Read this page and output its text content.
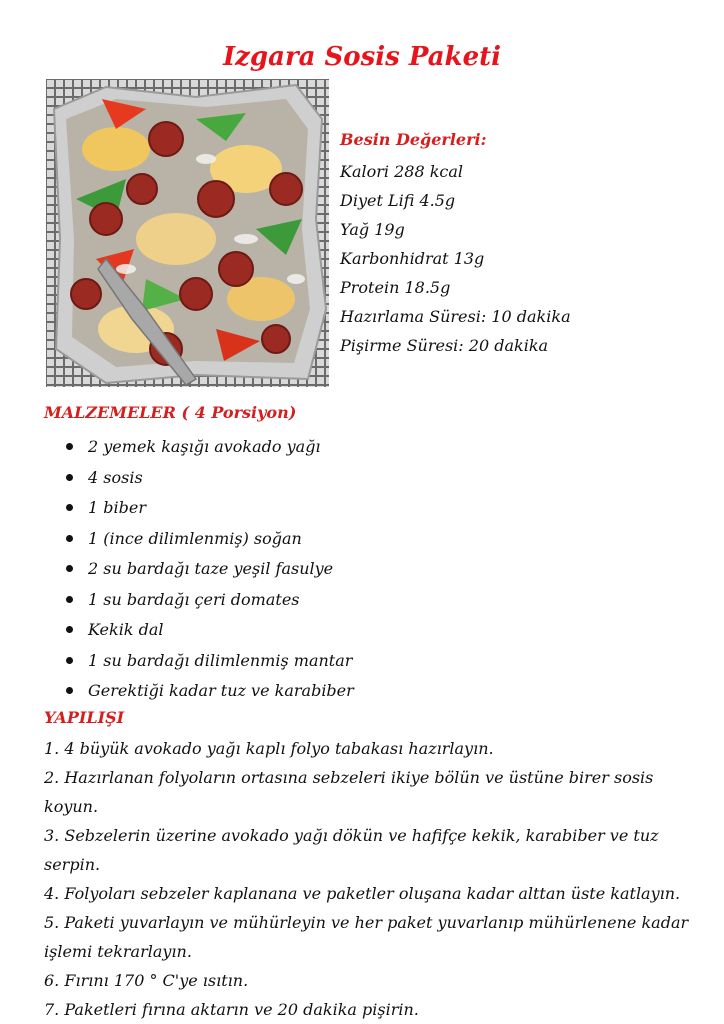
Izgara Sosis Paketi
Besin Değerleri:
Kalori 288 kcal
Diyet Lifi 4.5g
Yağ 19g
Karbonhidrat 13g
Protein 18.5g
Hazırlama Süresi: 10 dakika
Pişirme Süresi: 20 dakika
MALZEMELER ( 4 Porsiyon)
2 yemek kaşığı avokado yağı
4 sosis
1 biber
1 (ince dilimlenmiş) soğan
2 su bardağı taze yeşil fasulye
1 su bardağı çeri domates
Kekik dal
1 su bardağı dilimlenmiş mantar
Gerektiği kadar tuz ve karabiber
YAPILIŞI
1. 4 büyük avokado yağı kaplı folyo tabakası hazırlayın.
2. Hazırlanan folyoların ortasına sebzeleri ikiye bölün ve üstüne birer sosis koyun.
3. Sebzelerin üzerine avokado yağı dökün ve hafifçe kekik, karabiber ve tuz serpin.
4. Folyoları sebzeler kaplanana ve paketler oluşana kadar alttan üste katlayın.
5. Paketi yuvarlayın ve mühürleyin ve her paket yuvarlanıp mühürlenene kadar işlemi tekrarlayın.
6. Fırını 170 ° C'ye ısıtın.
7. Paketleri fırına aktarın ve 20 dakika pişirin.
